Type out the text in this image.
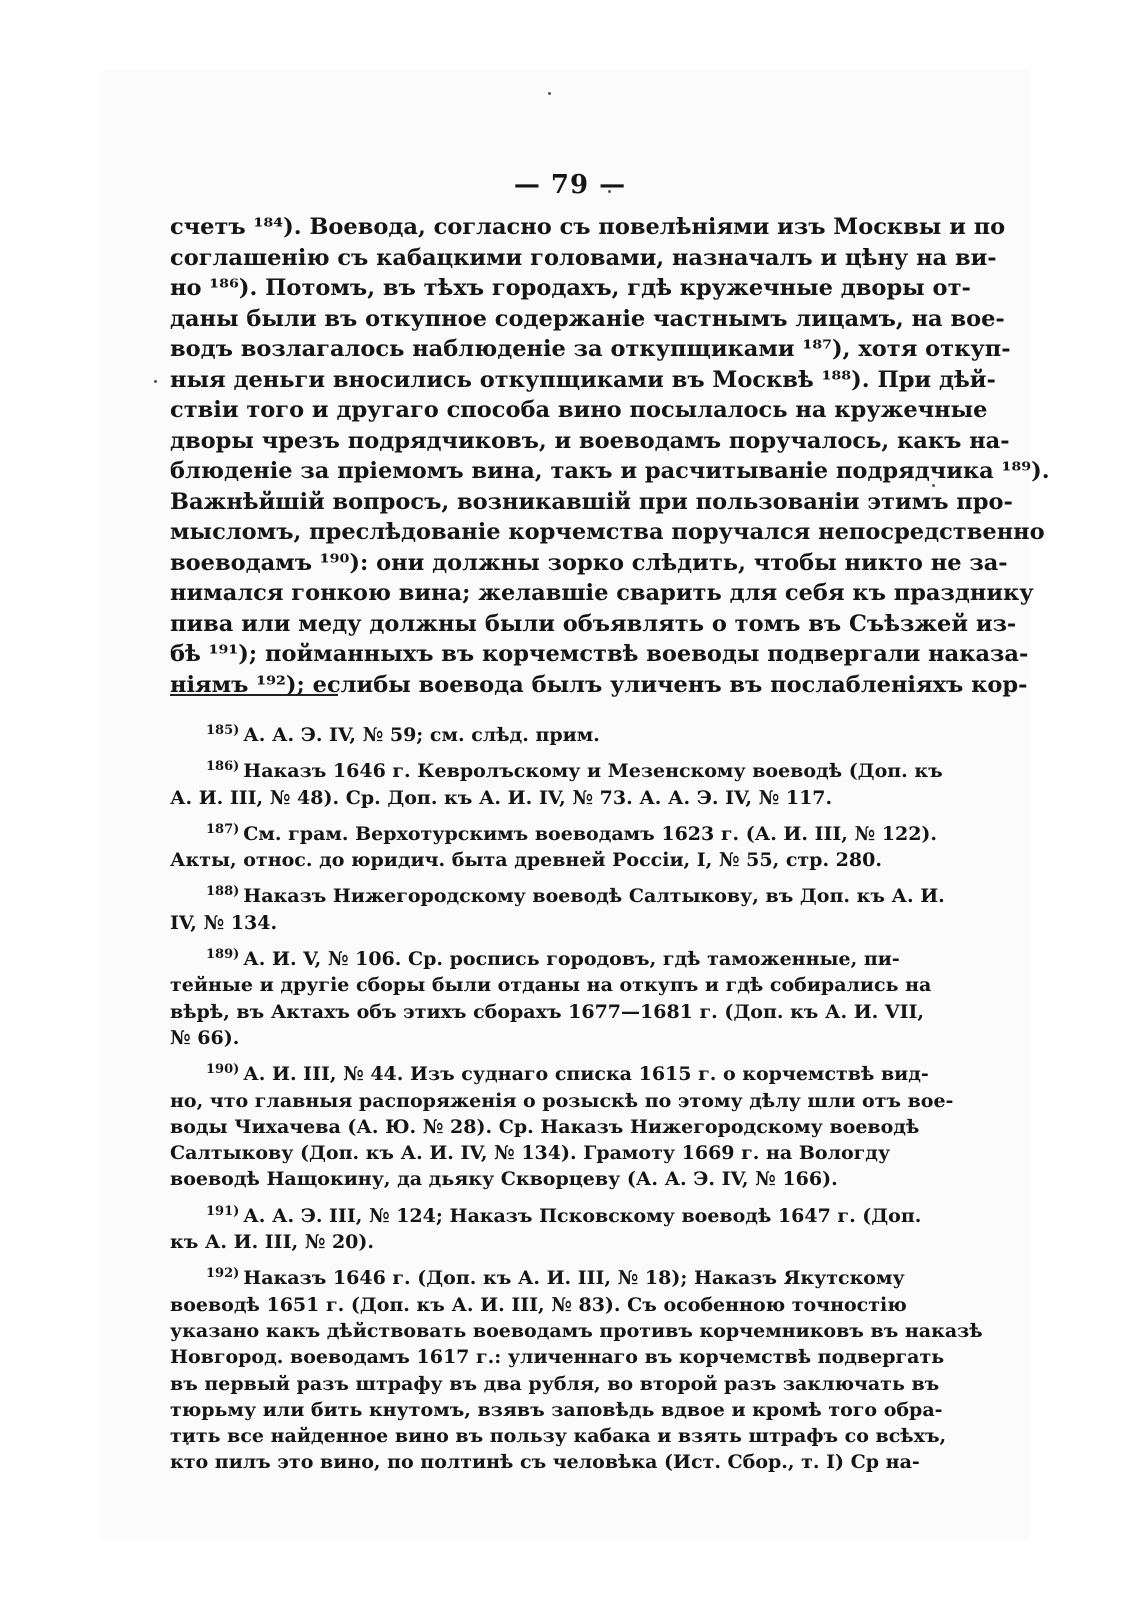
— 79 —
счетъ ¹⁸⁴). Воевода, согласно съ повелѣніями изъ Москвы и по
соглашенію съ кабацкими головами, назначалъ и цѣну на ви-
но ¹⁸⁶). Потомъ, въ тѣхъ городахъ, гдѣ кружечные дворы от-
даны были въ откупное содержаніе частнымъ лицамъ, на вое-
водъ возлагалось наблюденіе за откупщиками ¹⁸⁷), хотя откуп-
ныя деньги вносились откупщиками въ Москвѣ ¹⁸⁸). При дѣй-
ствіи того и другаго способа вино посылалось на кружечные
дворы чрезъ подрядчиковъ, и воеводамъ поручалось, какъ на-
блюденіе за пріемомъ вина, такъ и расчитываніе подрядчика ¹⁸⁹).
Важнѣйшій вопросъ, возникавшій при пользованіи этимъ про-
мысломъ, преслѣдованіе корчемства поручался непосредственно
воеводамъ ¹⁹⁰): они должны зорко слѣдить, чтобы никто не за-
нимался гонкою вина; желавшіе сварить для себя къ празднику
пива или меду должны были объявлять о томъ въ Съѣзжей из-
бѣ ¹⁹¹); пойманныхъ въ корчемствѣ воеводы подвергали наказа-
ніямъ ¹⁹²); еслибы воевода былъ уличенъ въ послабленіяхъ кор-
185) А. А. Э. IV, № 59; см. слѣд. прим.
186) Наказъ 1646 г. Кевролъскому и Мезенскому воеводѣ (Доп. къ
А. И. III, № 48). Ср. Доп. къ А. И. IV, № 73. А. А. Э. IV, № 117.
187) См. грам. Верхотурскимъ воеводамъ 1623 г. (А. И. III, № 122).
Акты, относ. до юридич. быта древней Россіи, I, № 55, стр. 280.
188) Наказъ Нижегородскому воеводѣ Салтыкову, въ Доп. къ А. И.
IV, № 134.
189) А. И. V, № 106. Ср. роспись городовъ, гдѣ таможенные, пи-
тейные и другіе сборы были отданы на откупъ и гдѣ собирались на
вѣрѣ, въ Актахъ объ этихъ сборахъ 1677—1681 г. (Доп. къ А. И. VII,
№ 66).
190) А. И. III, № 44. Изъ суднаго списка 1615 г. о корчемствѣ вид-
но, что главныя распоряженія о розыскѣ по этому дѣлу шли отъ вое-
воды Чихачева (А. Ю. № 28). Ср. Наказъ Нижегородскому воеводѣ
Салтыкову (Доп. къ А. И. IV, № 134). Грамоту 1669 г. на Вологду
воеводѣ Нащокину, да дьяку Скворцеву (А. А. Э. IV, № 166).
191) А. А. Э. III, № 124; Наказъ Псковскому воеводѣ 1647 г. (Доп.
къ А. И. III, № 20).
192) Наказъ 1646 г. (Доп. къ А. И. III, № 18); Наказъ Якутскому
воеводѣ 1651 г. (Доп. къ А. И. III, № 83). Съ особенною точностію
указано какъ дѣйствовать воеводамъ противъ корчемниковъ въ наказѣ
Новгород. воеводамъ 1617 г.: уличеннаго въ корчемствѣ подвергать
въ первый разъ штрафу въ два рубля, во второй разъ заключать въ
тюрьму или бить кнутомъ, взявъ заповѣдь вдвое и кромѣ того обра-
тить все найденное вино въ пользу кабака и взять штрафъ со всѣхъ,
кто пилъ это вино, по полтинѣ съ человѣка (Ист. Сбор., т. I) Ср на-
